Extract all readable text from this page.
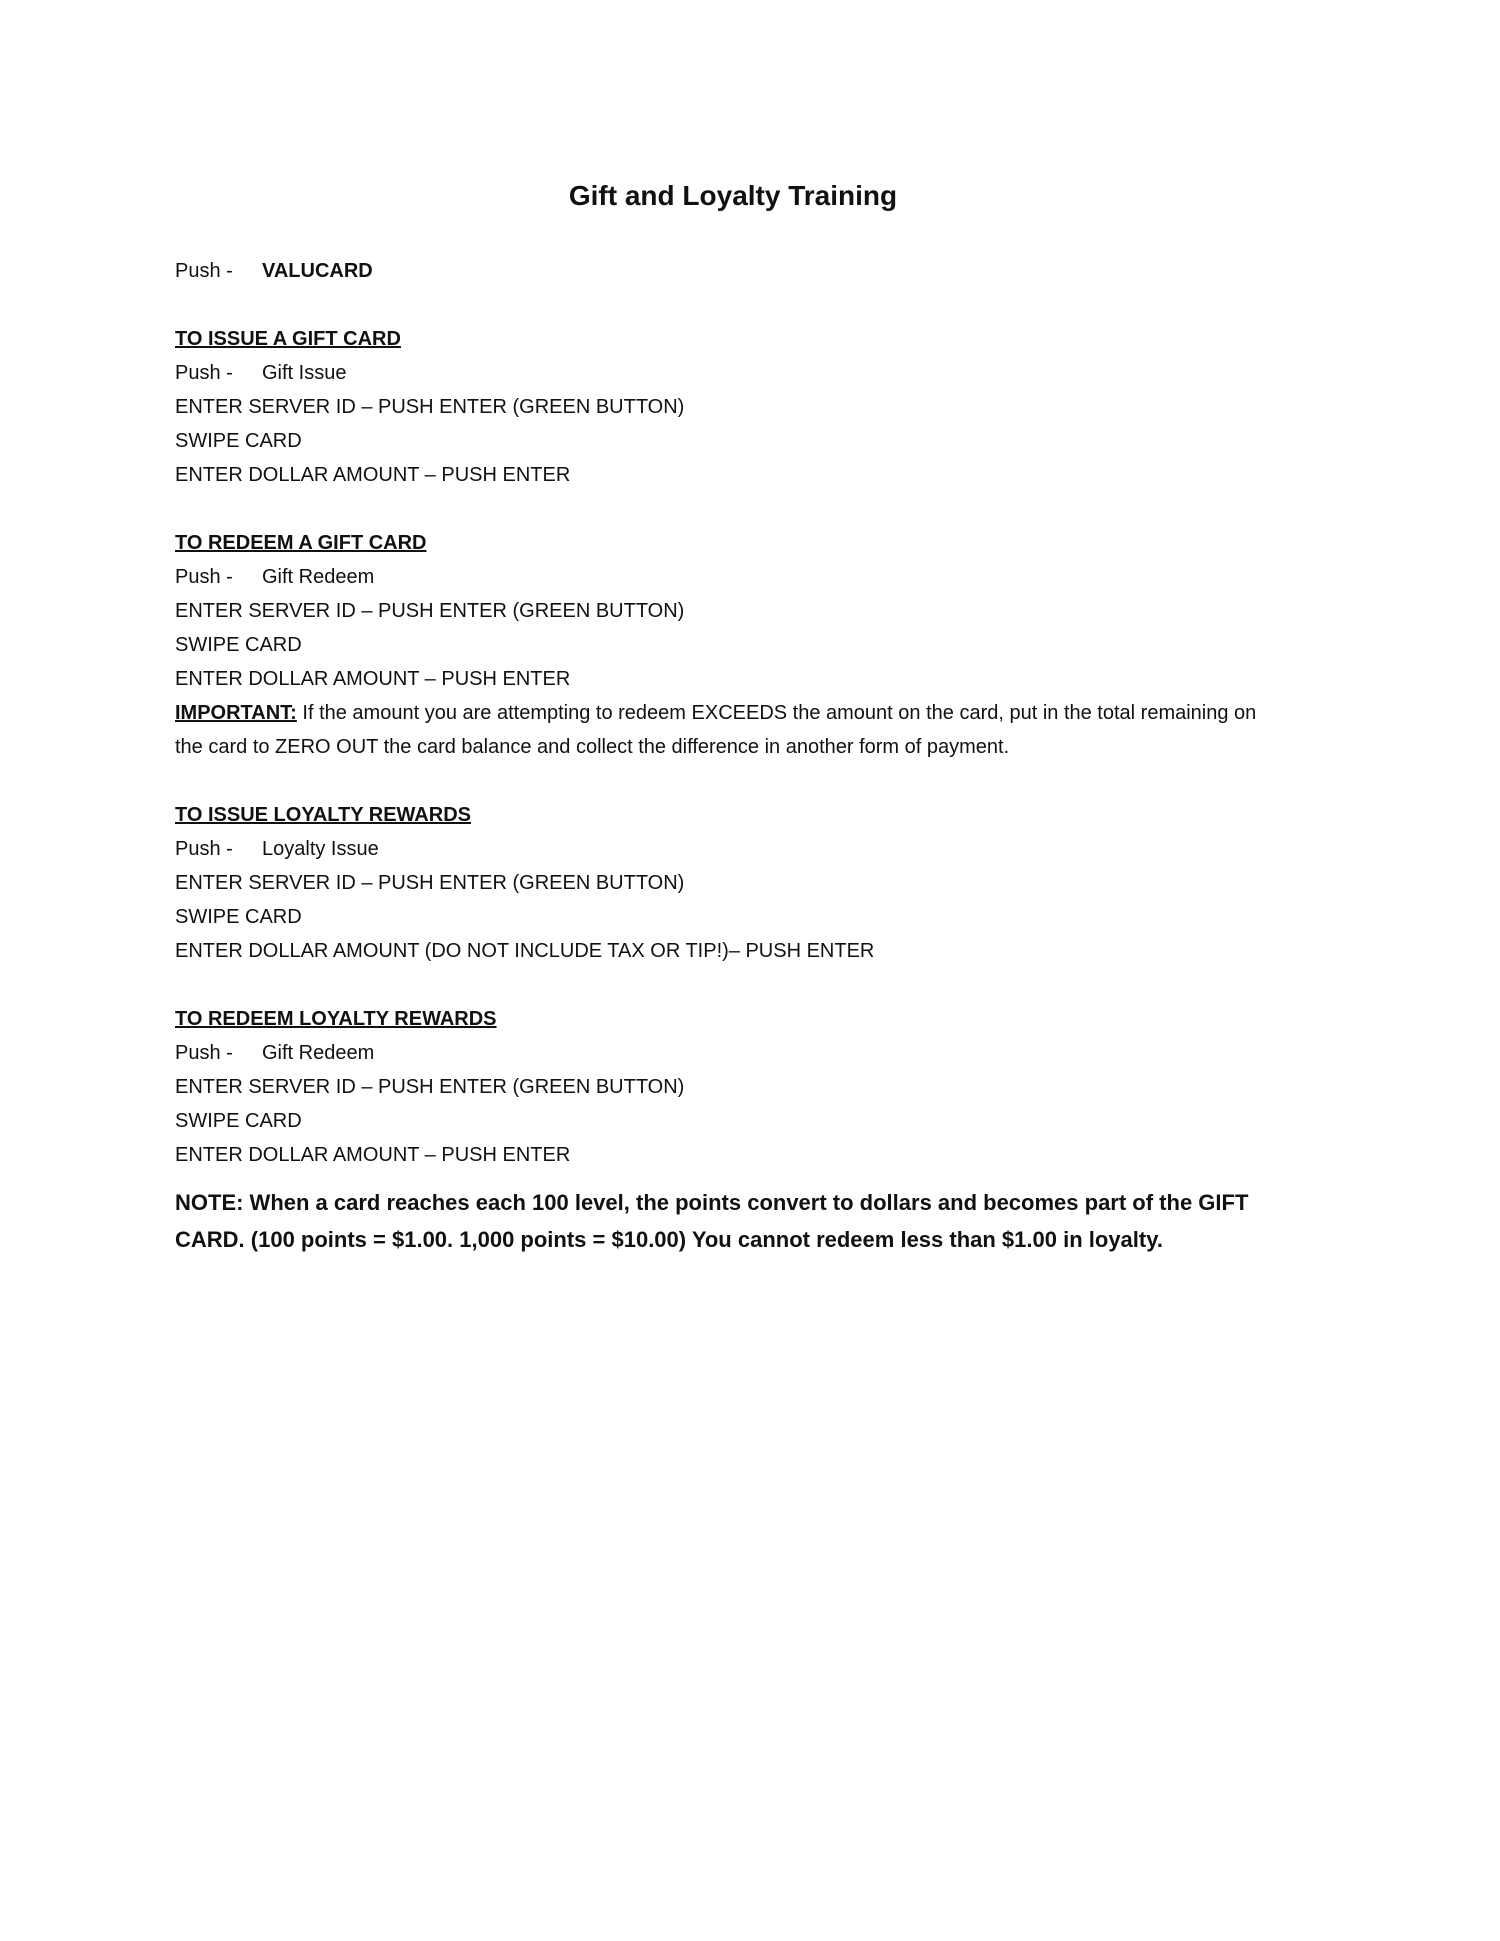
Gift and Loyalty Training
Push - VALUCARD
TO ISSUE A GIFT CARD
Push - Gift Issue
ENTER SERVER ID – PUSH ENTER (GREEN BUTTON)
SWIPE CARD
ENTER DOLLAR AMOUNT – PUSH ENTER
TO REDEEM A GIFT CARD
Push - Gift Redeem
ENTER SERVER ID – PUSH ENTER (GREEN BUTTON)
SWIPE CARD
ENTER DOLLAR AMOUNT – PUSH ENTER
IMPORTANT: If the amount you are attempting to redeem EXCEEDS the amount on the card, put in the total remaining on the card to ZERO OUT the card balance and collect the difference in another form of payment.
TO ISSUE LOYALTY REWARDS
Push - Loyalty Issue
ENTER SERVER ID – PUSH ENTER (GREEN BUTTON)
SWIPE CARD
ENTER DOLLAR AMOUNT (DO NOT INCLUDE TAX OR TIP!)– PUSH ENTER
TO REDEEM LOYALTY REWARDS
Push - Gift Redeem
ENTER SERVER ID – PUSH ENTER (GREEN BUTTON)
SWIPE CARD
ENTER DOLLAR AMOUNT – PUSH ENTER
NOTE: When a card reaches each 100 level, the points convert to dollars and becomes part of the GIFT
CARD. (100 points = $1.00. 1,000 points = $10.00) You cannot redeem less than $1.00 in loyalty.
